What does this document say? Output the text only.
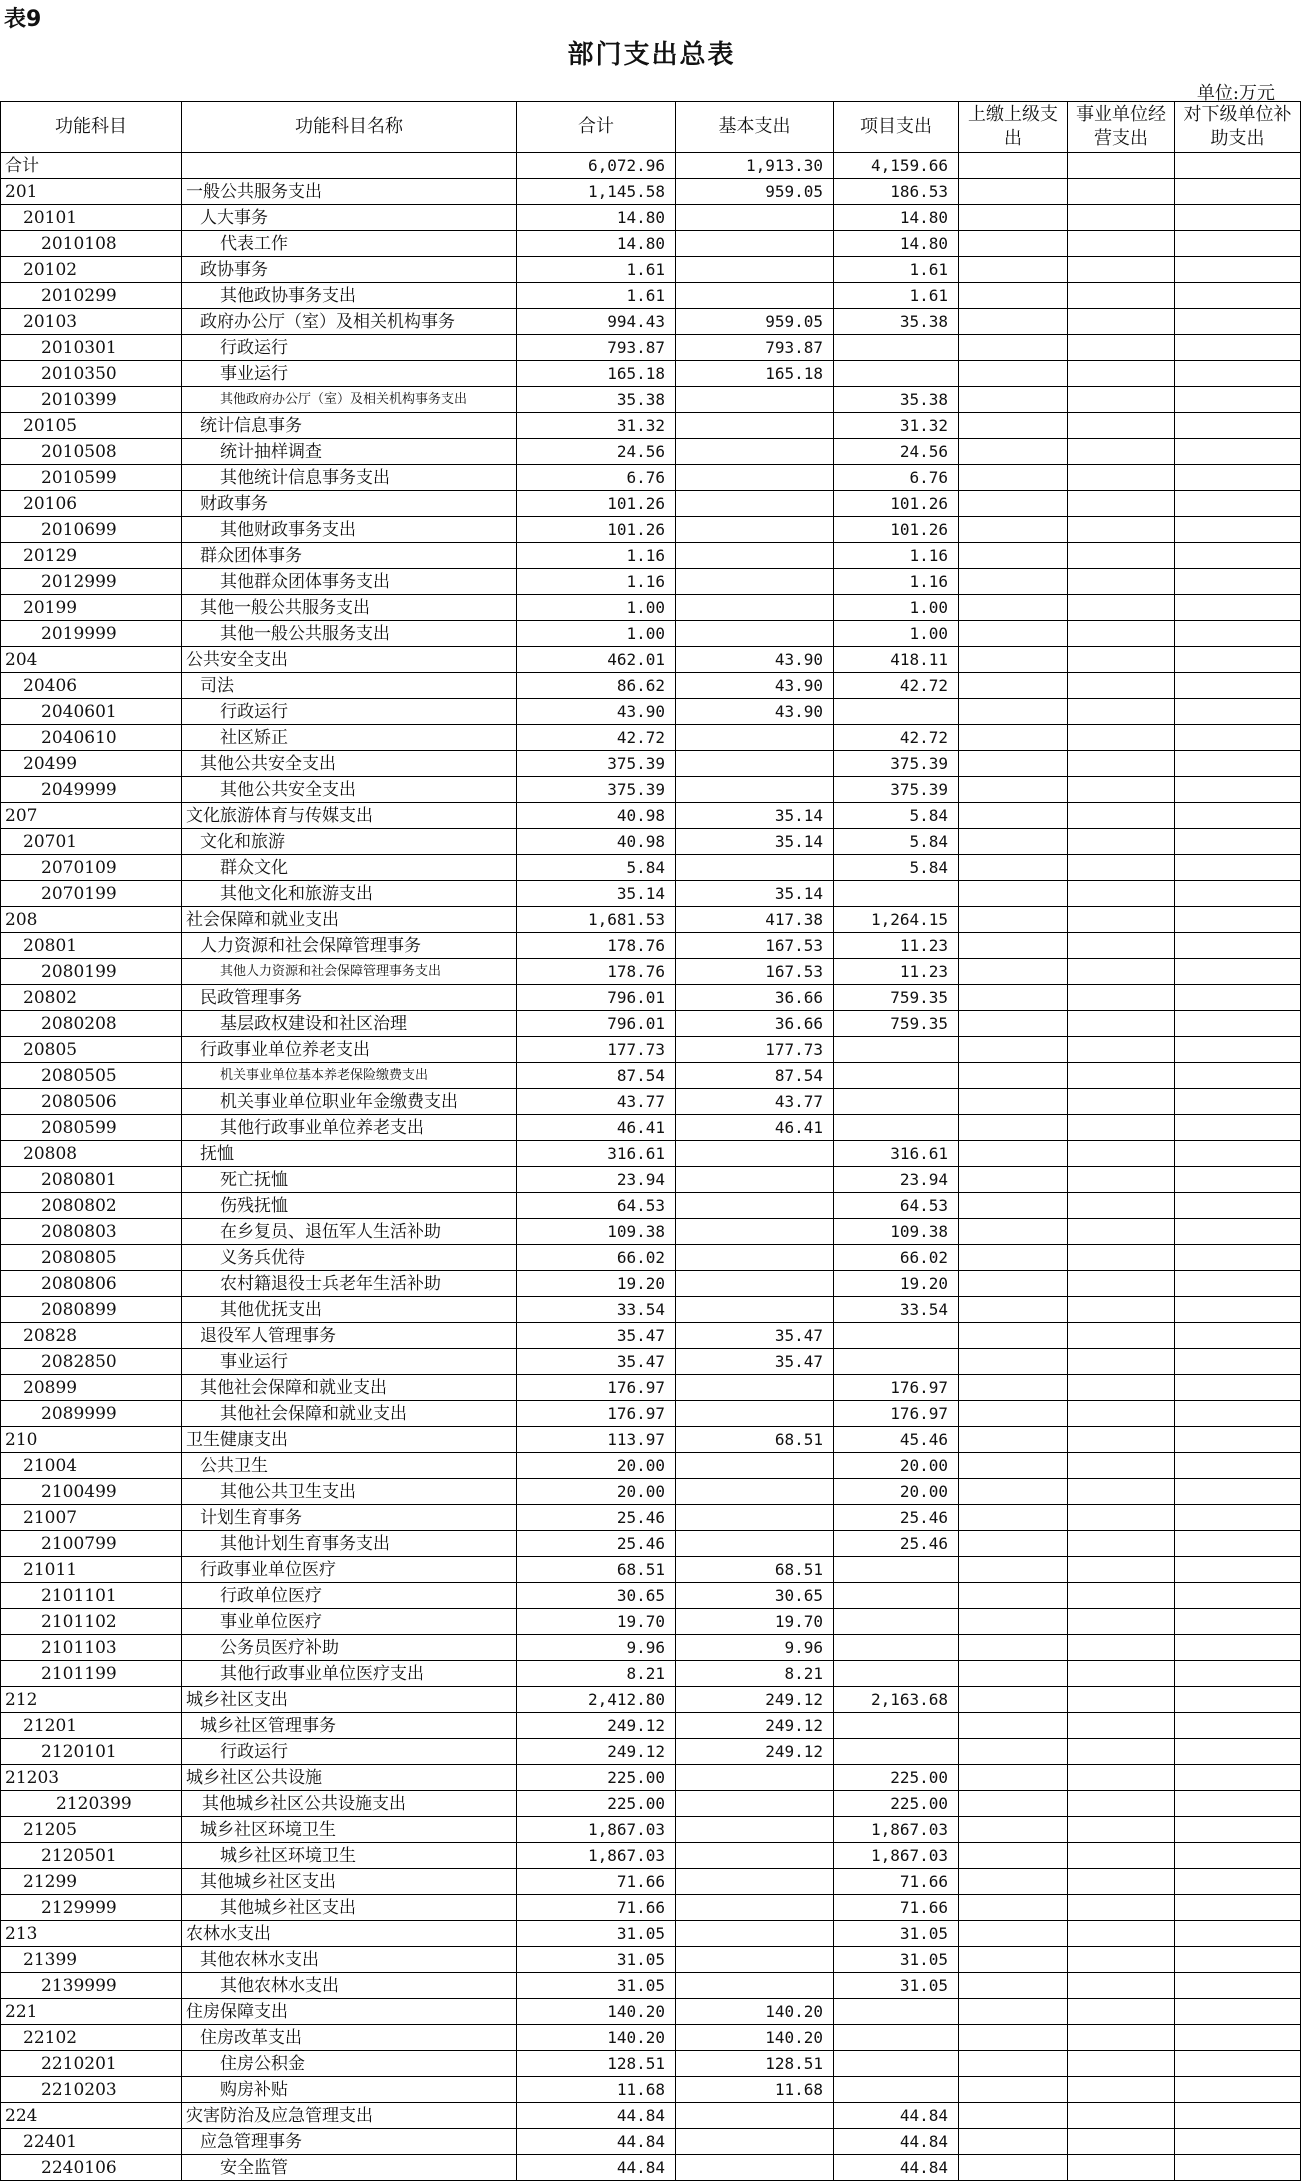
表9
部门支出总表
单位:万元
功能科目	功能科目名称	合计	基本支出	项目支出	上缴上级支出	事业单位经营支出	对下级单位补助支出
合计		6,072.96	1,913.30	4,159.66			
201	一般公共服务支出	1,145.58	959.05	186.53			
20101	人大事务	14.80		14.80			
2010108	代表工作	14.80		14.80			
20102	政协事务	1.61		1.61			
2010299	其他政协事务支出	1.61		1.61			
20103	政府办公厅（室）及相关机构事务	994.43	959.05	35.38			
2010301	行政运行	793.87	793.87				
2010350	事业运行	165.18	165.18				
2010399	其他政府办公厅（室）及相关机构事务支出	35.38		35.38			
20105	统计信息事务	31.32		31.32			
2010508	统计抽样调查	24.56		24.56			
2010599	其他统计信息事务支出	6.76		6.76			
20106	财政事务	101.26		101.26			
2010699	其他财政事务支出	101.26		101.26			
20129	群众团体事务	1.16		1.16			
2012999	其他群众团体事务支出	1.16		1.16			
20199	其他一般公共服务支出	1.00		1.00			
2019999	其他一般公共服务支出	1.00		1.00			
204	公共安全支出	462.01	43.90	418.11			
20406	司法	86.62	43.90	42.72			
2040601	行政运行	43.90	43.90				
2040610	社区矫正	42.72		42.72			
20499	其他公共安全支出	375.39		375.39			
2049999	其他公共安全支出	375.39		375.39			
207	文化旅游体育与传媒支出	40.98	35.14	5.84			
20701	文化和旅游	40.98	35.14	5.84			
2070109	群众文化	5.84		5.84			
2070199	其他文化和旅游支出	35.14	35.14				
208	社会保障和就业支出	1,681.53	417.38	1,264.15			
20801	人力资源和社会保障管理事务	178.76	167.53	11.23			
2080199	其他人力资源和社会保障管理事务支出	178.76	167.53	11.23			
20802	民政管理事务	796.01	36.66	759.35			
2080208	基层政权建设和社区治理	796.01	36.66	759.35			
20805	行政事业单位养老支出	177.73	177.73				
2080505	机关事业单位基本养老保险缴费支出	87.54	87.54				
2080506	机关事业单位职业年金缴费支出	43.77	43.77				
2080599	其他行政事业单位养老支出	46.41	46.41				
20808	抚恤	316.61		316.61			
2080801	死亡抚恤	23.94		23.94			
2080802	伤残抚恤	64.53		64.53			
2080803	在乡复员、退伍军人生活补助	109.38		109.38			
2080805	义务兵优待	66.02		66.02			
2080806	农村籍退役士兵老年生活补助	19.20		19.20			
2080899	其他优抚支出	33.54		33.54			
20828	退役军人管理事务	35.47	35.47				
2082850	事业运行	35.47	35.47				
20899	其他社会保障和就业支出	176.97		176.97			
2089999	其他社会保障和就业支出	176.97		176.97			
210	卫生健康支出	113.97	68.51	45.46			
21004	公共卫生	20.00		20.00			
2100499	其他公共卫生支出	20.00		20.00			
21007	计划生育事务	25.46		25.46			
2100799	其他计划生育事务支出	25.46		25.46			
21011	行政事业单位医疗	68.51	68.51				
2101101	行政单位医疗	30.65	30.65				
2101102	事业单位医疗	19.70	19.70				
2101103	公务员医疗补助	9.96	9.96				
2101199	其他行政事业单位医疗支出	8.21	8.21				
212	城乡社区支出	2,412.80	249.12	2,163.68			
21201	城乡社区管理事务	249.12	249.12				
2120101	行政运行	249.12	249.12				
21203	城乡社区公共设施	225.00		225.00			
2120399	其他城乡社区公共设施支出	225.00		225.00			
21205	城乡社区环境卫生	1,867.03		1,867.03			
2120501	城乡社区环境卫生	1,867.03		1,867.03			
21299	其他城乡社区支出	71.66		71.66			
2129999	其他城乡社区支出	71.66		71.66			
213	农林水支出	31.05		31.05			
21399	其他农林水支出	31.05		31.05			
2139999	其他农林水支出	31.05		31.05			
221	住房保障支出	140.20	140.20				
22102	住房改革支出	140.20	140.20				
2210201	住房公积金	128.51	128.51				
2210203	购房补贴	11.68	11.68				
224	灾害防治及应急管理支出	44.84		44.84			
22401	应急管理事务	44.84		44.84			
2240106	安全监管	44.84		44.84			
